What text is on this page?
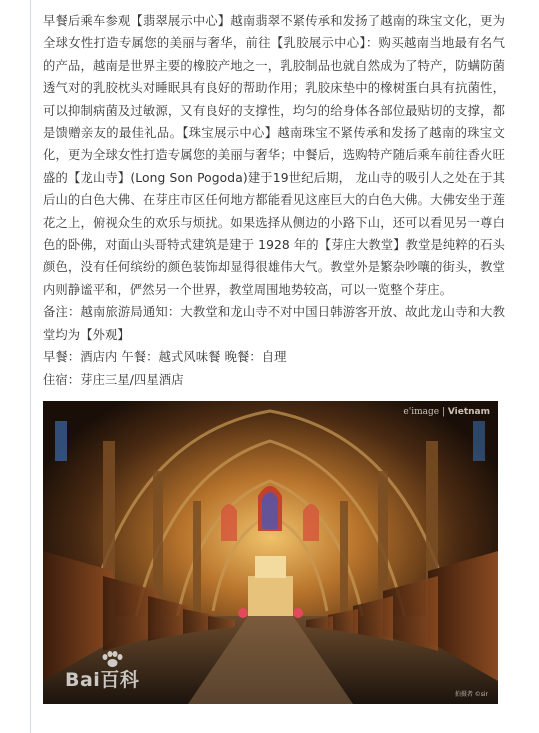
早餐后乘车参观【翡翠展示中心】越南翡翠不紧传承和发扬了越南的珠宝文化，更为全球女性打造专属您的美丽与奢华，前往【乳胶展示中心】：购买越南当地最有名气的产品，越南是世界主要的橡胶产地之一，乳胶制品也就自然成为了特产，防螨防菌透气对的乳胶枕头对睡眠具有良好的帮助作用；乳胶床垫中的橡树蛋白具有抗菌性，可以抑制病菌及过敏源，又有良好的支撑性，均匀的给身体各部位最贴切的支撑，都是馈赠亲友的最佳礼品。【珠宝展示中心】越南珠宝不紧传承和发扬了越南的珠宝文化，更为全球女性打造专属您的美丽与奢华；中餐后，选购特产随后乘车前往香火旺盛的【龙山寺】(Long Son Pogoda)建于19世纪后期， 龙山寺的吸引人之处在于其后山的白色大佛、在芽庄市区任何地方都能看见这座巨大的白色大佛。大佛安坐于莲花之上，俯视众生的欢乐与烦扰。如果选择从侧边的小路下山，还可以看见另一尊白色的卧佛，对面山头哥特式建筑是建于 1928 年的【芽庄大教堂】教堂是纯粹的石头颜色，没有任何缤纷的颜色装饰却显得很雄伟大气。教堂外是繁杂吵嚷的街头，教堂内则静谧平和，俨然另一个世界，教堂周围地势较高，可以一览整个芽庄。

备注：越南旅游局通知：大教堂和龙山寺不对中国日韩游客开放、故此龙山寺和大教堂均为【外观】

早餐：酒店内 午餐：越式风味餐 晚餐：自理

住宿：芽庄三星/四星酒店

e'image | Vietnam
Bai百科
拍摄者 ©sir
